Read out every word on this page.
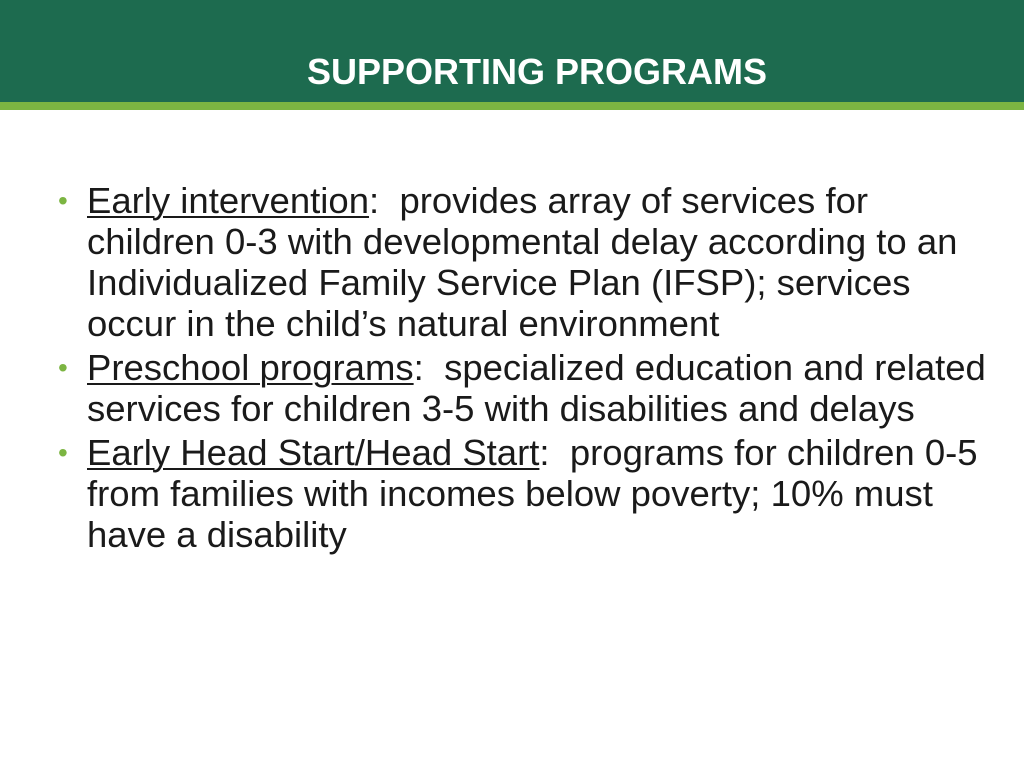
SUPPORTING PROGRAMS
• Early intervention:  provides array of services for children 0-3 with developmental delay according to an Individualized Family Service Plan (IFSP); services occur in the child’s natural environment
• Preschool programs:  specialized education and related services for children 3-5 with disabilities and delays
• Early Head Start/Head Start:  programs for children 0-5 from families with incomes below poverty; 10% must have a disability
